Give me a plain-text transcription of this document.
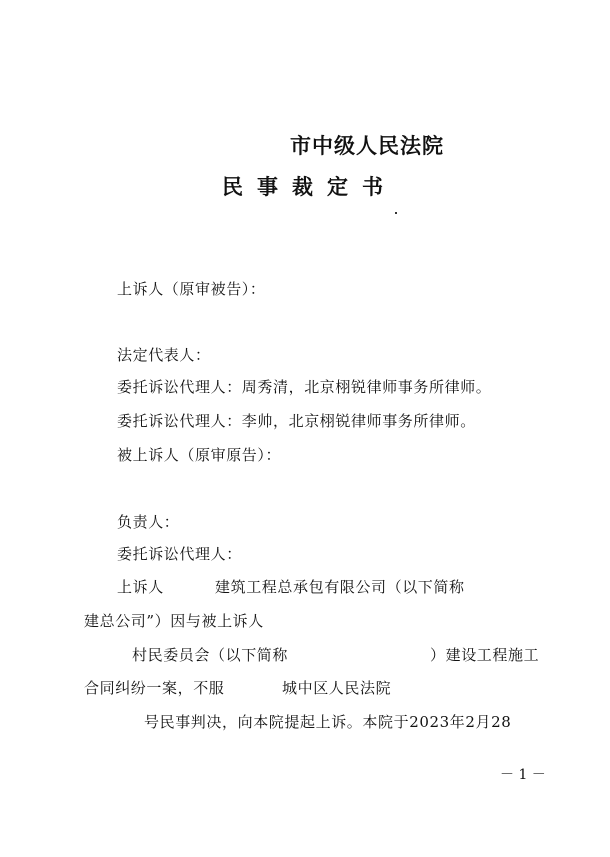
市中级人民法院
民事裁定书
上诉人（原审被告）：
法定代表人：
委托诉讼代理人：周秀清，北京栩锐律师事务所律师。
委托诉讼代理人：李帅，北京栩锐律师事务所律师。
被上诉人（原审原告）：
负责人：
委托诉讼代理人：
上诉人	建筑工程总承包有限公司（以下简称
建总公司”）因与被上诉人
村民委员会（以下简称	）建设工程施工
合同纠纷一案，不服	城中区人民法院
号民事判决，向本院提起上诉。本院于2023年2月28
－ 1 －
